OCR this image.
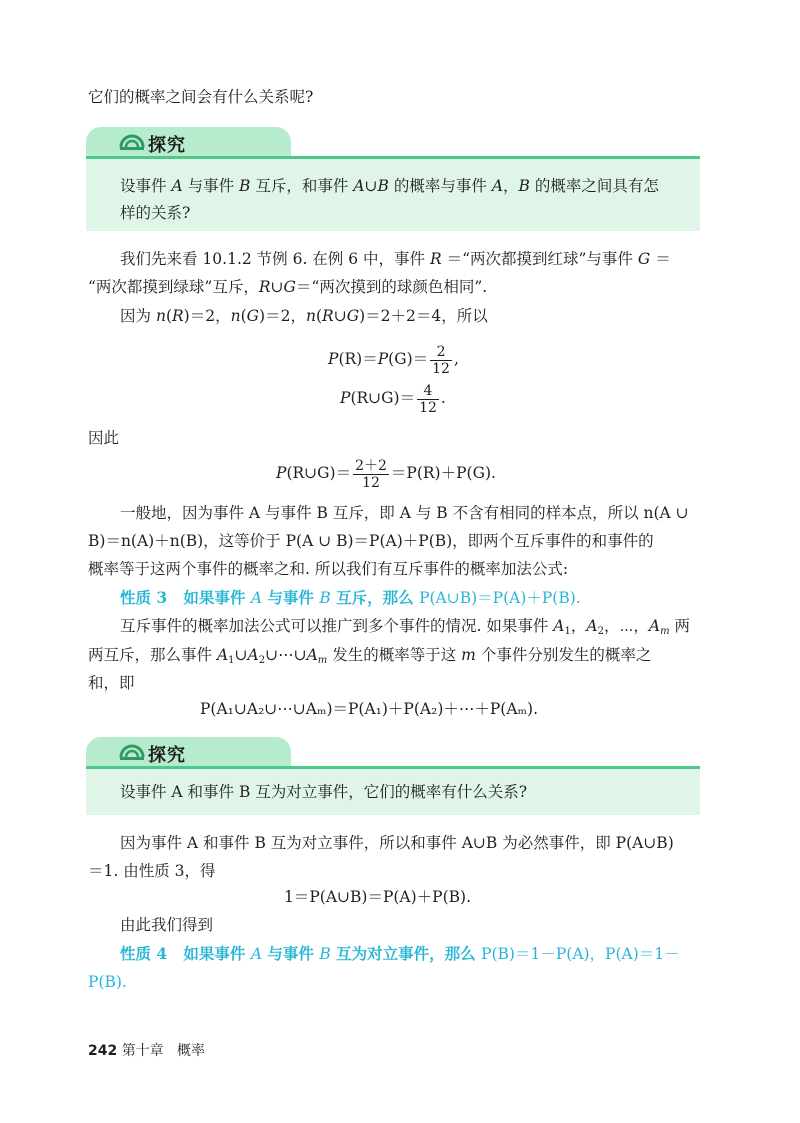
它们的概率之间会有什么关系呢?
探究
设事件 A 与事件 B 互斥，和事件 A∪B 的概率与事件 A，B 的概率之间具有怎
样的关系?
我们先来看 10.1.2 节例 6. 在例 6 中，事件 R ＝“两次都摸到红球”与事件 G ＝
“两次都摸到绿球”互斥，R∪G＝“两次摸到的球颜色相同”.
因为 n(R)＝2，n(G)＝2，n(R∪G)＝2＋2＝4，所以
$P(R)=P(G)= \frac{2}{12}$ ,
P(R∪G)＝ $\frac{4}{12}$ .
因此
P(R∪G)＝ $\frac{2+2}{12} =P(R)+P(G)$.
一般地，因为事件 A 与事件 B 互斥，即 A 与 B 不含有相同的样本点，所以 n(A ∪
B)＝n(A)＋n(B)，这等价于 P(A ∪ B)＝P(A)＋P(B)，即两个互斥事件的和事件的
概率等于这两个事件的概率之和. 所以我们有互斥事件的概率加法公式:
性质 3 如果事件 A 与事件 B 互斥，那么 P(A∪B)＝P(A)＋P(B).
互斥事件的概率加法公式可以推广到多个事件的情况. 如果事件 $A_1$，$A_2$，⋯，$A_m$ 两
两互斥，那么事件 $A_1\cup A_2\cup\cdots\cup A_m$ 发生的概率等于这 m 个事件分别发生的概率之
和，即
P(A₁∪A₂∪⋯∪Aₘ)＝P(A₁)＋P(A₂)＋⋯＋P(Aₘ).
探究
设事件 A 和事件 B 互为对立事件，它们的概率有什么关系?
因为事件 A 和事件 B 互为对立事件，所以和事件 A∪B 为必然事件，即 P(A∪B)
＝1. 由性质 3，得
1＝P(A∪B)＝P(A)＋P(B).
由此我们得到
性质 4 如果事件 A 与事件 B 互为对立事件，那么 P(B)＝1－P(A)，P(A)＝1－
P(B).
242 第十章 概率
